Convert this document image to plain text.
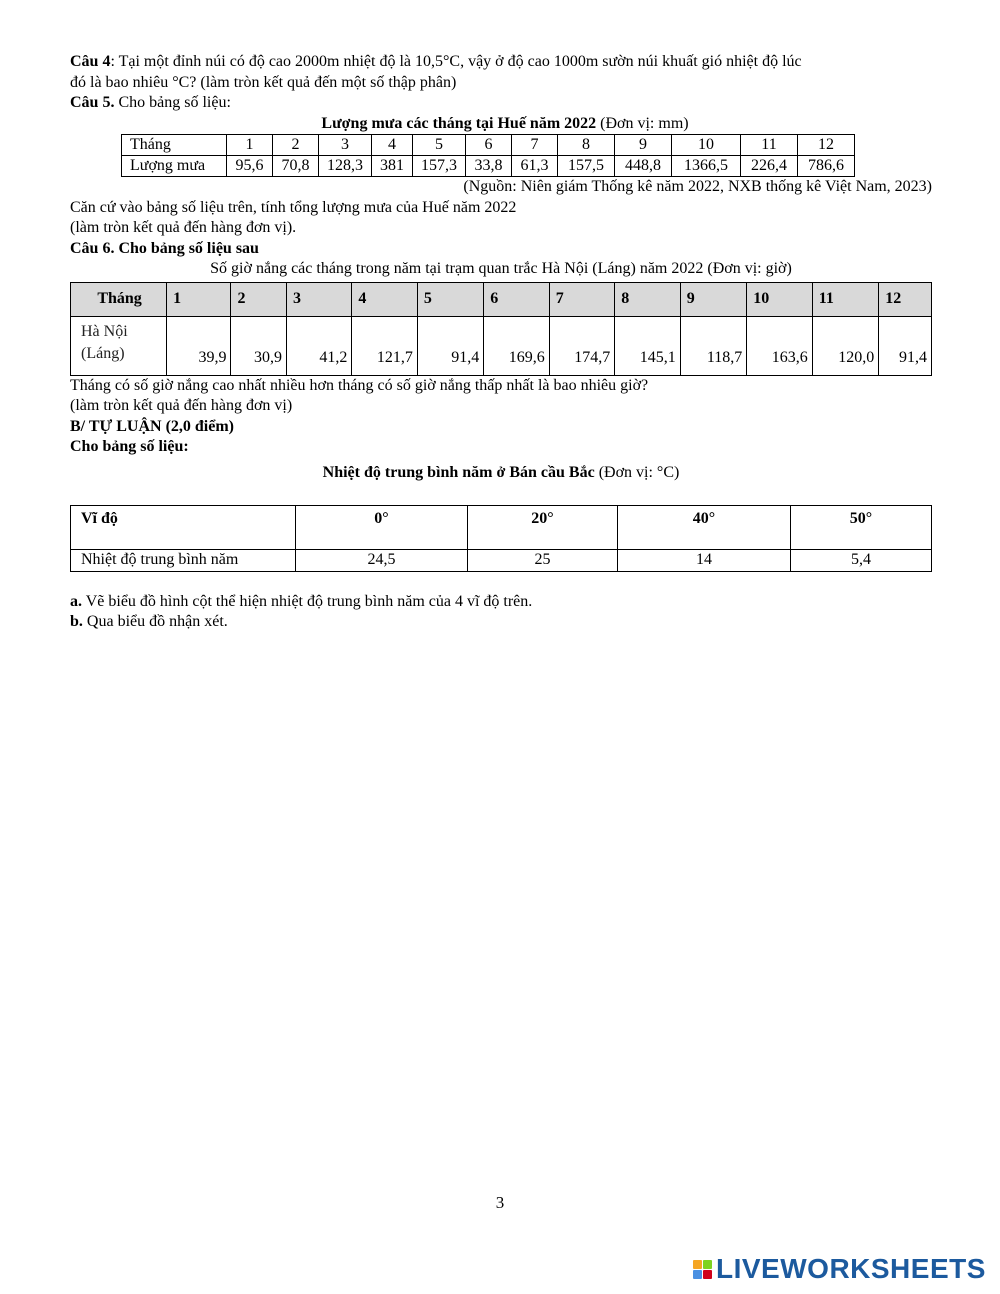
Câu 4: Tại một đỉnh núi có độ cao 2000m nhiệt độ là 10,5°C, vậy ở độ cao 1000m sườn núi khuất gió nhiệt độ lúc

đó là bao nhiêu °C? (làm tròn kết quả đến một số thập phân)

Câu 5. Cho bảng số liệu:

Lượng mưa các tháng tại Huế năm 2022 (Đơn vị: mm)

Tháng	1	2	3	4	5	6	7	8	9	10	11	12
Lượng mưa	95,6	70,8	128,3	381	157,3	33,8	61,3	157,5	448,8	1366,5	226,4	786,6

(Nguồn: Niên giám Thống kê năm 2022, NXB thống kê Việt Nam, 2023)

Căn cứ vào bảng số liệu trên, tính tổng lượng mưa của Huế năm 2022

(làm tròn kết quả đến hàng đơn vị).

Câu 6. Cho bảng số liệu sau

Số giờ nắng các tháng trong năm tại trạm quan trắc Hà Nội (Láng) năm 2022 (Đơn vị: giờ)

Tháng	1	2	3	4	5	6	7	8	9	10	11	12
Hà Nội
(Láng)	39,9	30,9	41,2	121,7	91,4	169,6	174,7	145,1	118,7	163,6	120,0	91,4

Tháng có số giờ nắng cao nhất nhiều hơn tháng có số giờ nắng thấp nhất là bao nhiêu giờ?

(làm tròn kết quả đến hàng đơn vị)

B/ TỰ LUẬN (2,0 điểm)

Cho bảng số liệu:

Nhiệt độ trung bình năm ở Bán cầu Bắc (Đơn vị: °C)

Vĩ độ	0°	20°	40°	50°
Nhiệt độ trung bình năm	24,5	25	14	5,4

a. Vẽ biểu đồ hình cột thể hiện nhiệt độ trung bình năm của 4 vĩ độ trên.

b. Qua biểu đồ nhận xét.

3
LIVEWORKSHEETS
